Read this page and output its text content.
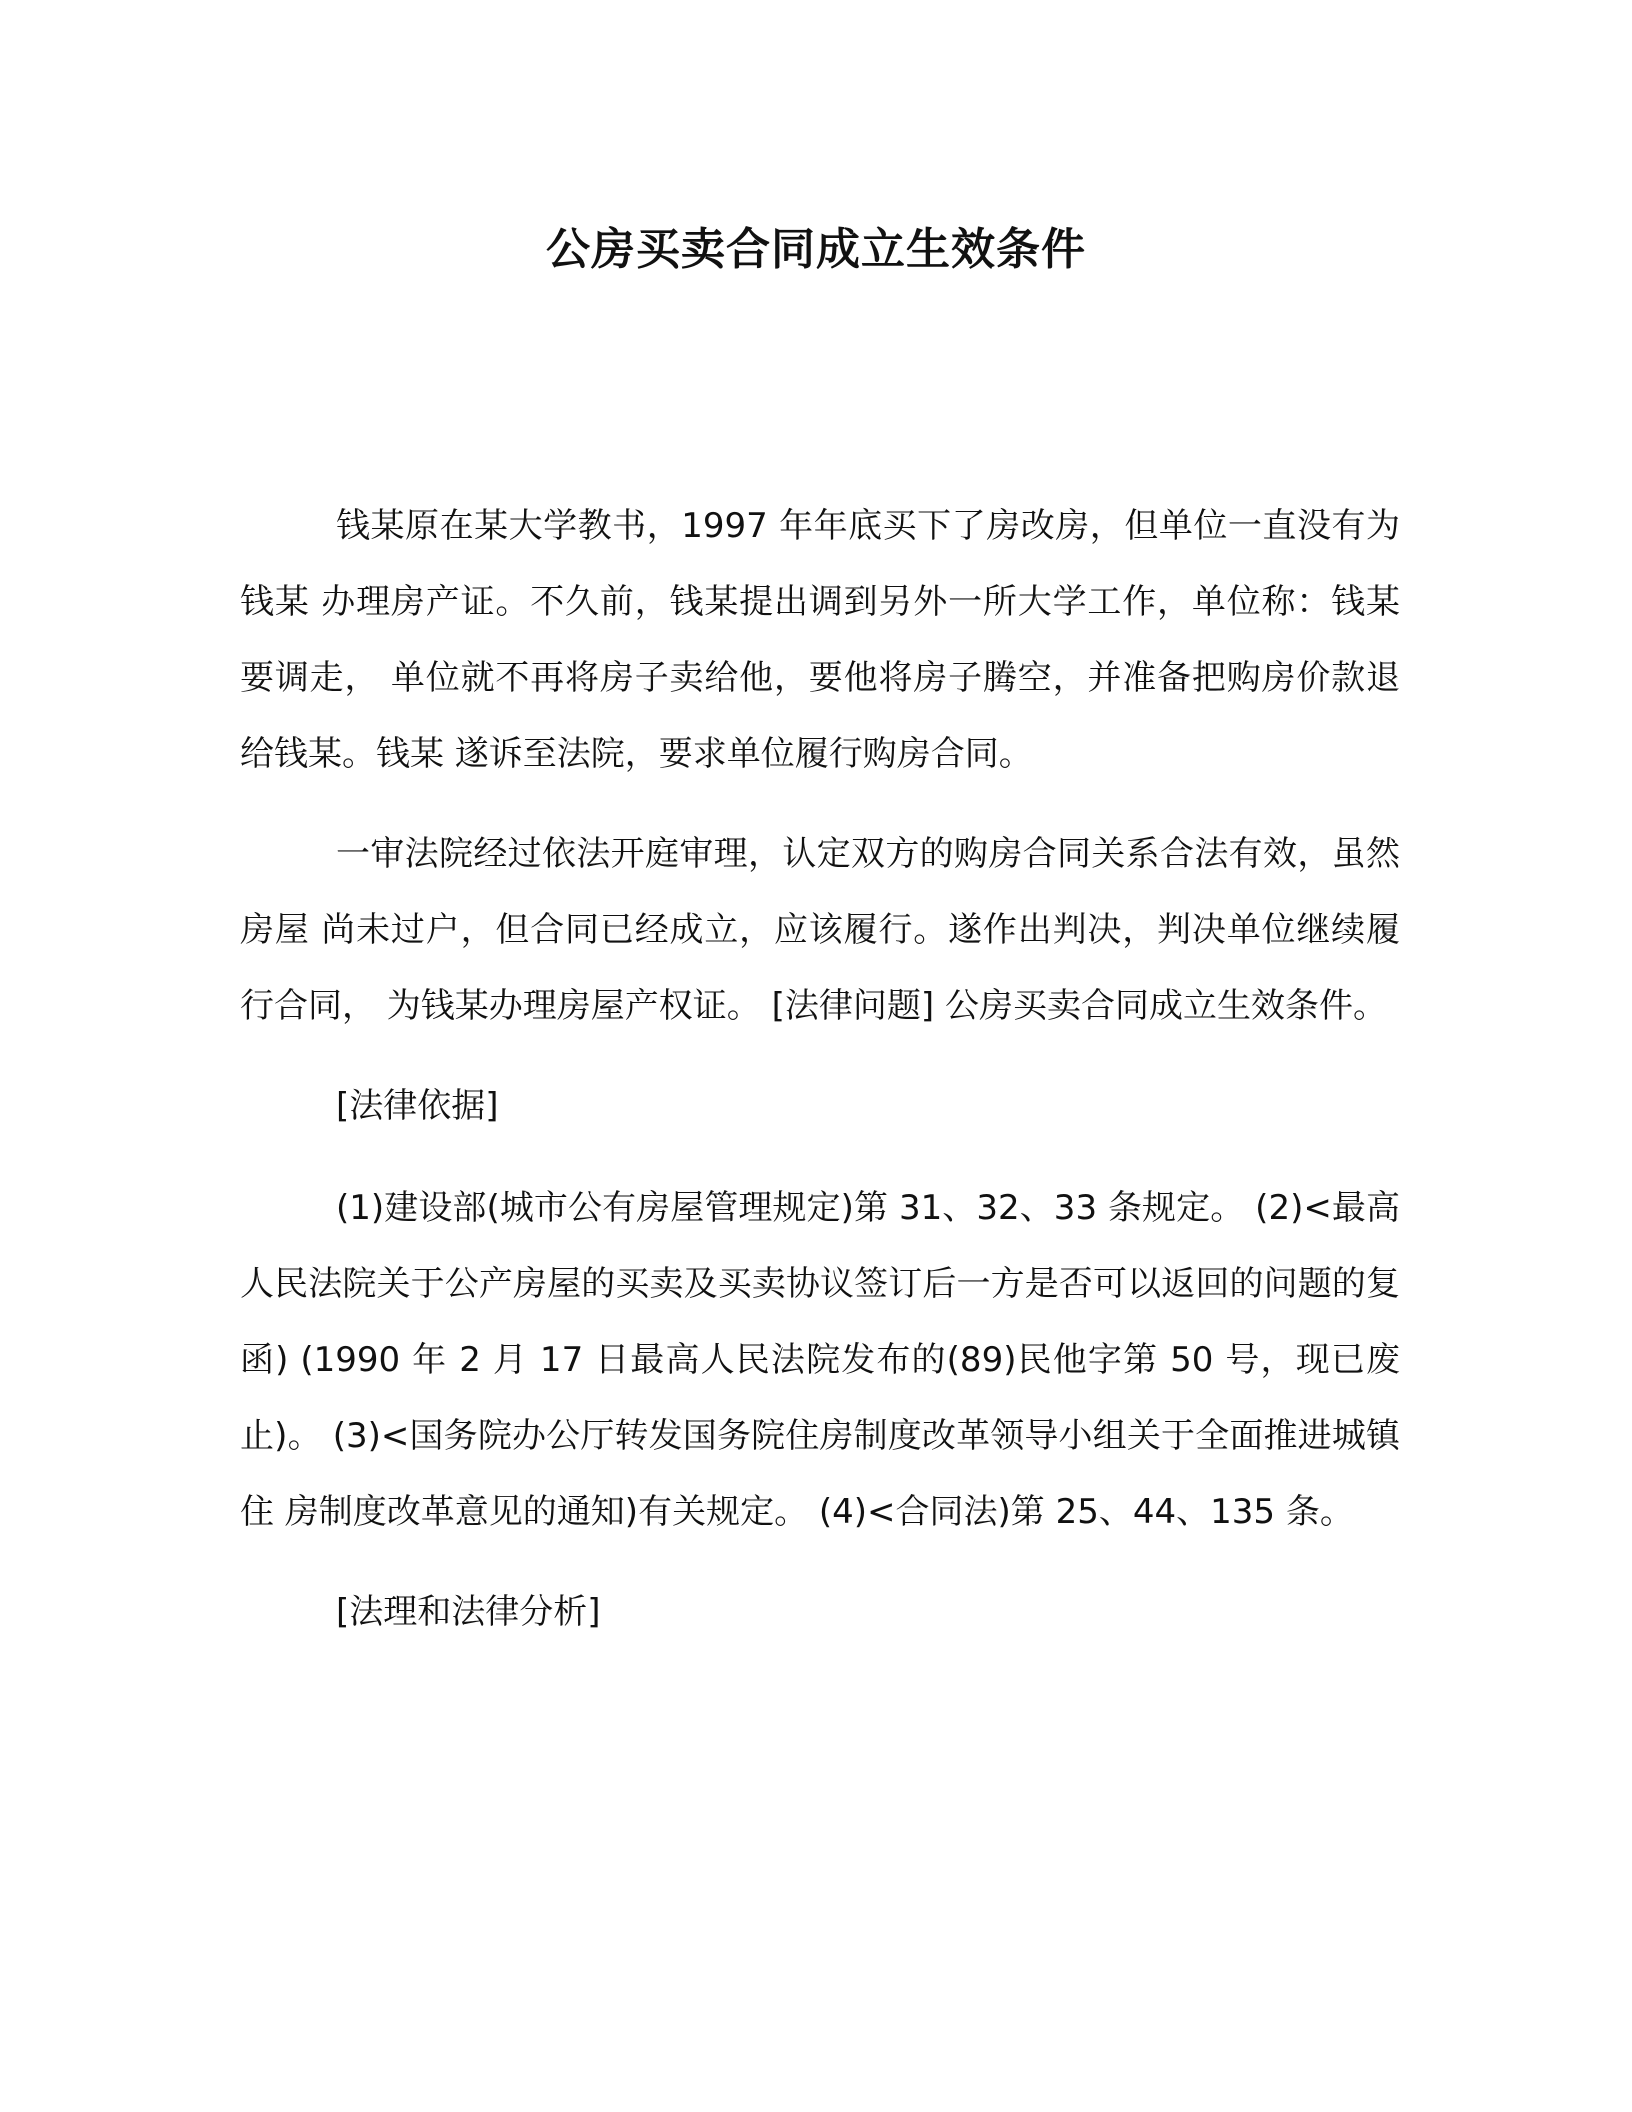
公房买卖合同成立生效条件

钱某原在某大学教书，1997 年年底买下了房改房，但单位一直没有为钱某 办理房产证。不久前，钱某提出调到另外一所大学工作，单位称：钱某要调走， 单位就不再将房子卖给他，要他将房子腾空，并准备把购房价款退给钱某。钱某 遂诉至法院，要求单位履行购房合同。

一审法院经过依法开庭审理，认定双方的购房合同关系合法有效，虽然房屋 尚未过户，但合同已经成立，应该履行。遂作出判决，判决单位继续履行合同， 为钱某办理房屋产权证。 [法律问题] 公房买卖合同成立生效条件。

[法律依据]

(1)建设部(城市公有房屋管理规定)第 31、32、33 条规定。 (2)<最高人民法院关于公产房屋的买卖及买卖协议签订后一方是否可以返回的问题的复函) (1990 年 2 月 17 日最高人民法院发布的(89)民他字第 50 号，现已废止)。 (3)<国务院办公厅转发国务院住房制度改革领导小组关于全面推进城镇住 房制度改革意见的通知)有关规定。 (4)<合同法)第 25、44、135 条。

[法理和法律分析]
